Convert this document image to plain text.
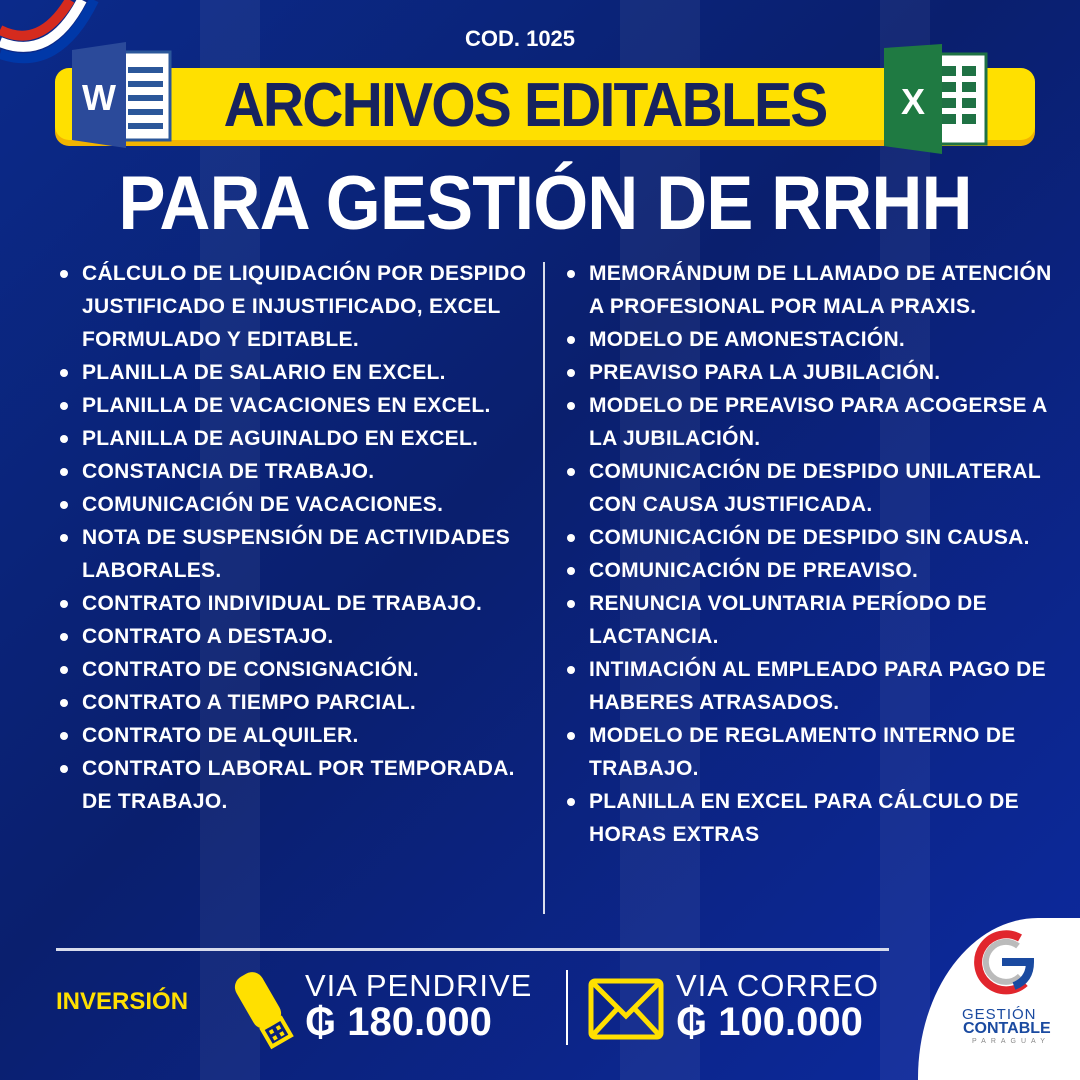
COD. 1025
ARCHIVOS EDITABLES
W	X
PARA GESTIÓN DE RRHH
CÁLCULO DE LIQUIDACIÓN POR DESPIDO JUSTIFICADO E INJUSTIFICADO, EXCEL FORMULADO Y EDITABLE.
PLANILLA DE SALARIO EN EXCEL.
PLANILLA DE VACACIONES EN EXCEL.
PLANILLA DE AGUINALDO EN EXCEL.
CONSTANCIA DE TRABAJO.
COMUNICACIÓN DE VACACIONES.
NOTA DE SUSPENSIÓN DE ACTIVIDADES LABORALES.
CONTRATO INDIVIDUAL DE TRABAJO.
CONTRATO A DESTAJO.
CONTRATO DE CONSIGNACIÓN.
CONTRATO A TIEMPO PARCIAL.
CONTRATO DE ALQUILER.
CONTRATO LABORAL POR TEMPORADA. DE TRABAJO.
MEMORÁNDUM DE LLAMADO DE ATENCIÓN A PROFESIONAL POR MALA PRAXIS.
MODELO DE AMONESTACIÓN.
PREAVISO PARA LA JUBILACIÓN.
MODELO DE PREAVISO PARA ACOGERSE A LA JUBILACIÓN.
COMUNICACIÓN DE DESPIDO UNILATERAL CON CAUSA JUSTIFICADA.
COMUNICACIÓN DE DESPIDO SIN CAUSA.
COMUNICACIÓN DE PREAVISO.
RENUNCIA VOLUNTARIA PERÍODO DE LACTANCIA.
INTIMACIÓN AL EMPLEADO PARA PAGO DE HABERES ATRASADOS.
MODELO DE REGLAMENTO INTERNO DE TRABAJO.
PLANILLA EN EXCEL PARA CÁLCULO DE HORAS EXTRAS
INVERSIÓN	VIA PENDRIVE
₲ 180.000
VIA CORREO
₲ 100.000	GESTIÓN
CONTABLE
PARAGUAY
